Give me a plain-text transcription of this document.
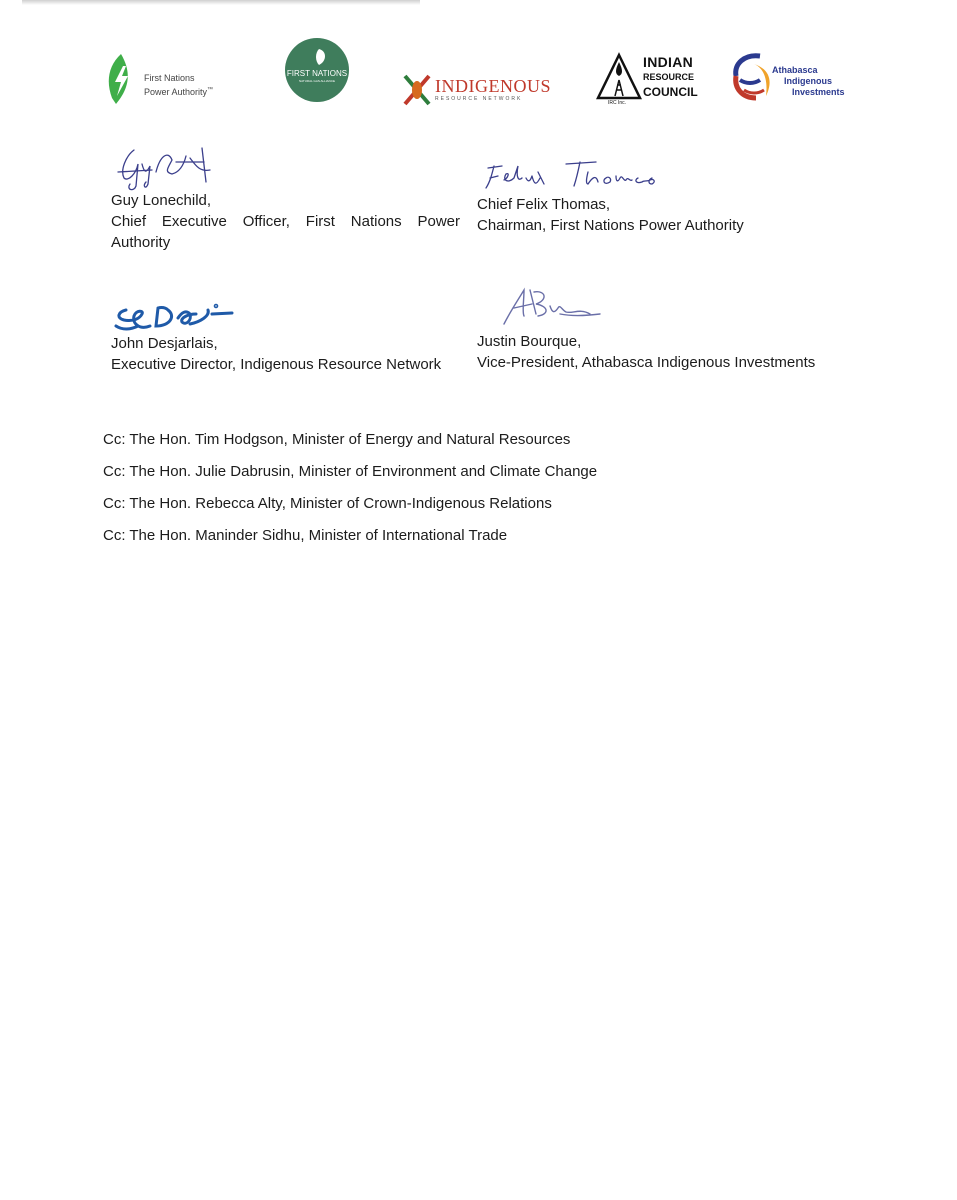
First Nations
Power Authority™
FIRST NATIONS
NATURAL GAS ALLIANCE	INDIGENOUS
RESOURCE NETWORK
IRC Inc.
INDIAN
RESOURCE
COUNCIL
Athabasca
Indigenous
Investments
Guy Lonechild,
Chief Executive Officer, First Nations Power
Authority
Chief Felix Thomas,
Chairman, First Nations Power Authority
John Desjarlais,
Executive Director, Indigenous Resource Network
Justin Bourque,
Vice-President, Athabasca Indigenous Investments
Cc: The Hon. Tim Hodgson, Minister of Energy and Natural Resources
Cc: The Hon. Julie Dabrusin, Minister of Environment and Climate Change
Cc: The Hon. Rebecca Alty, Minister of Crown-Indigenous Relations
Cc: The Hon. Maninder Sidhu, Minister of International Trade
